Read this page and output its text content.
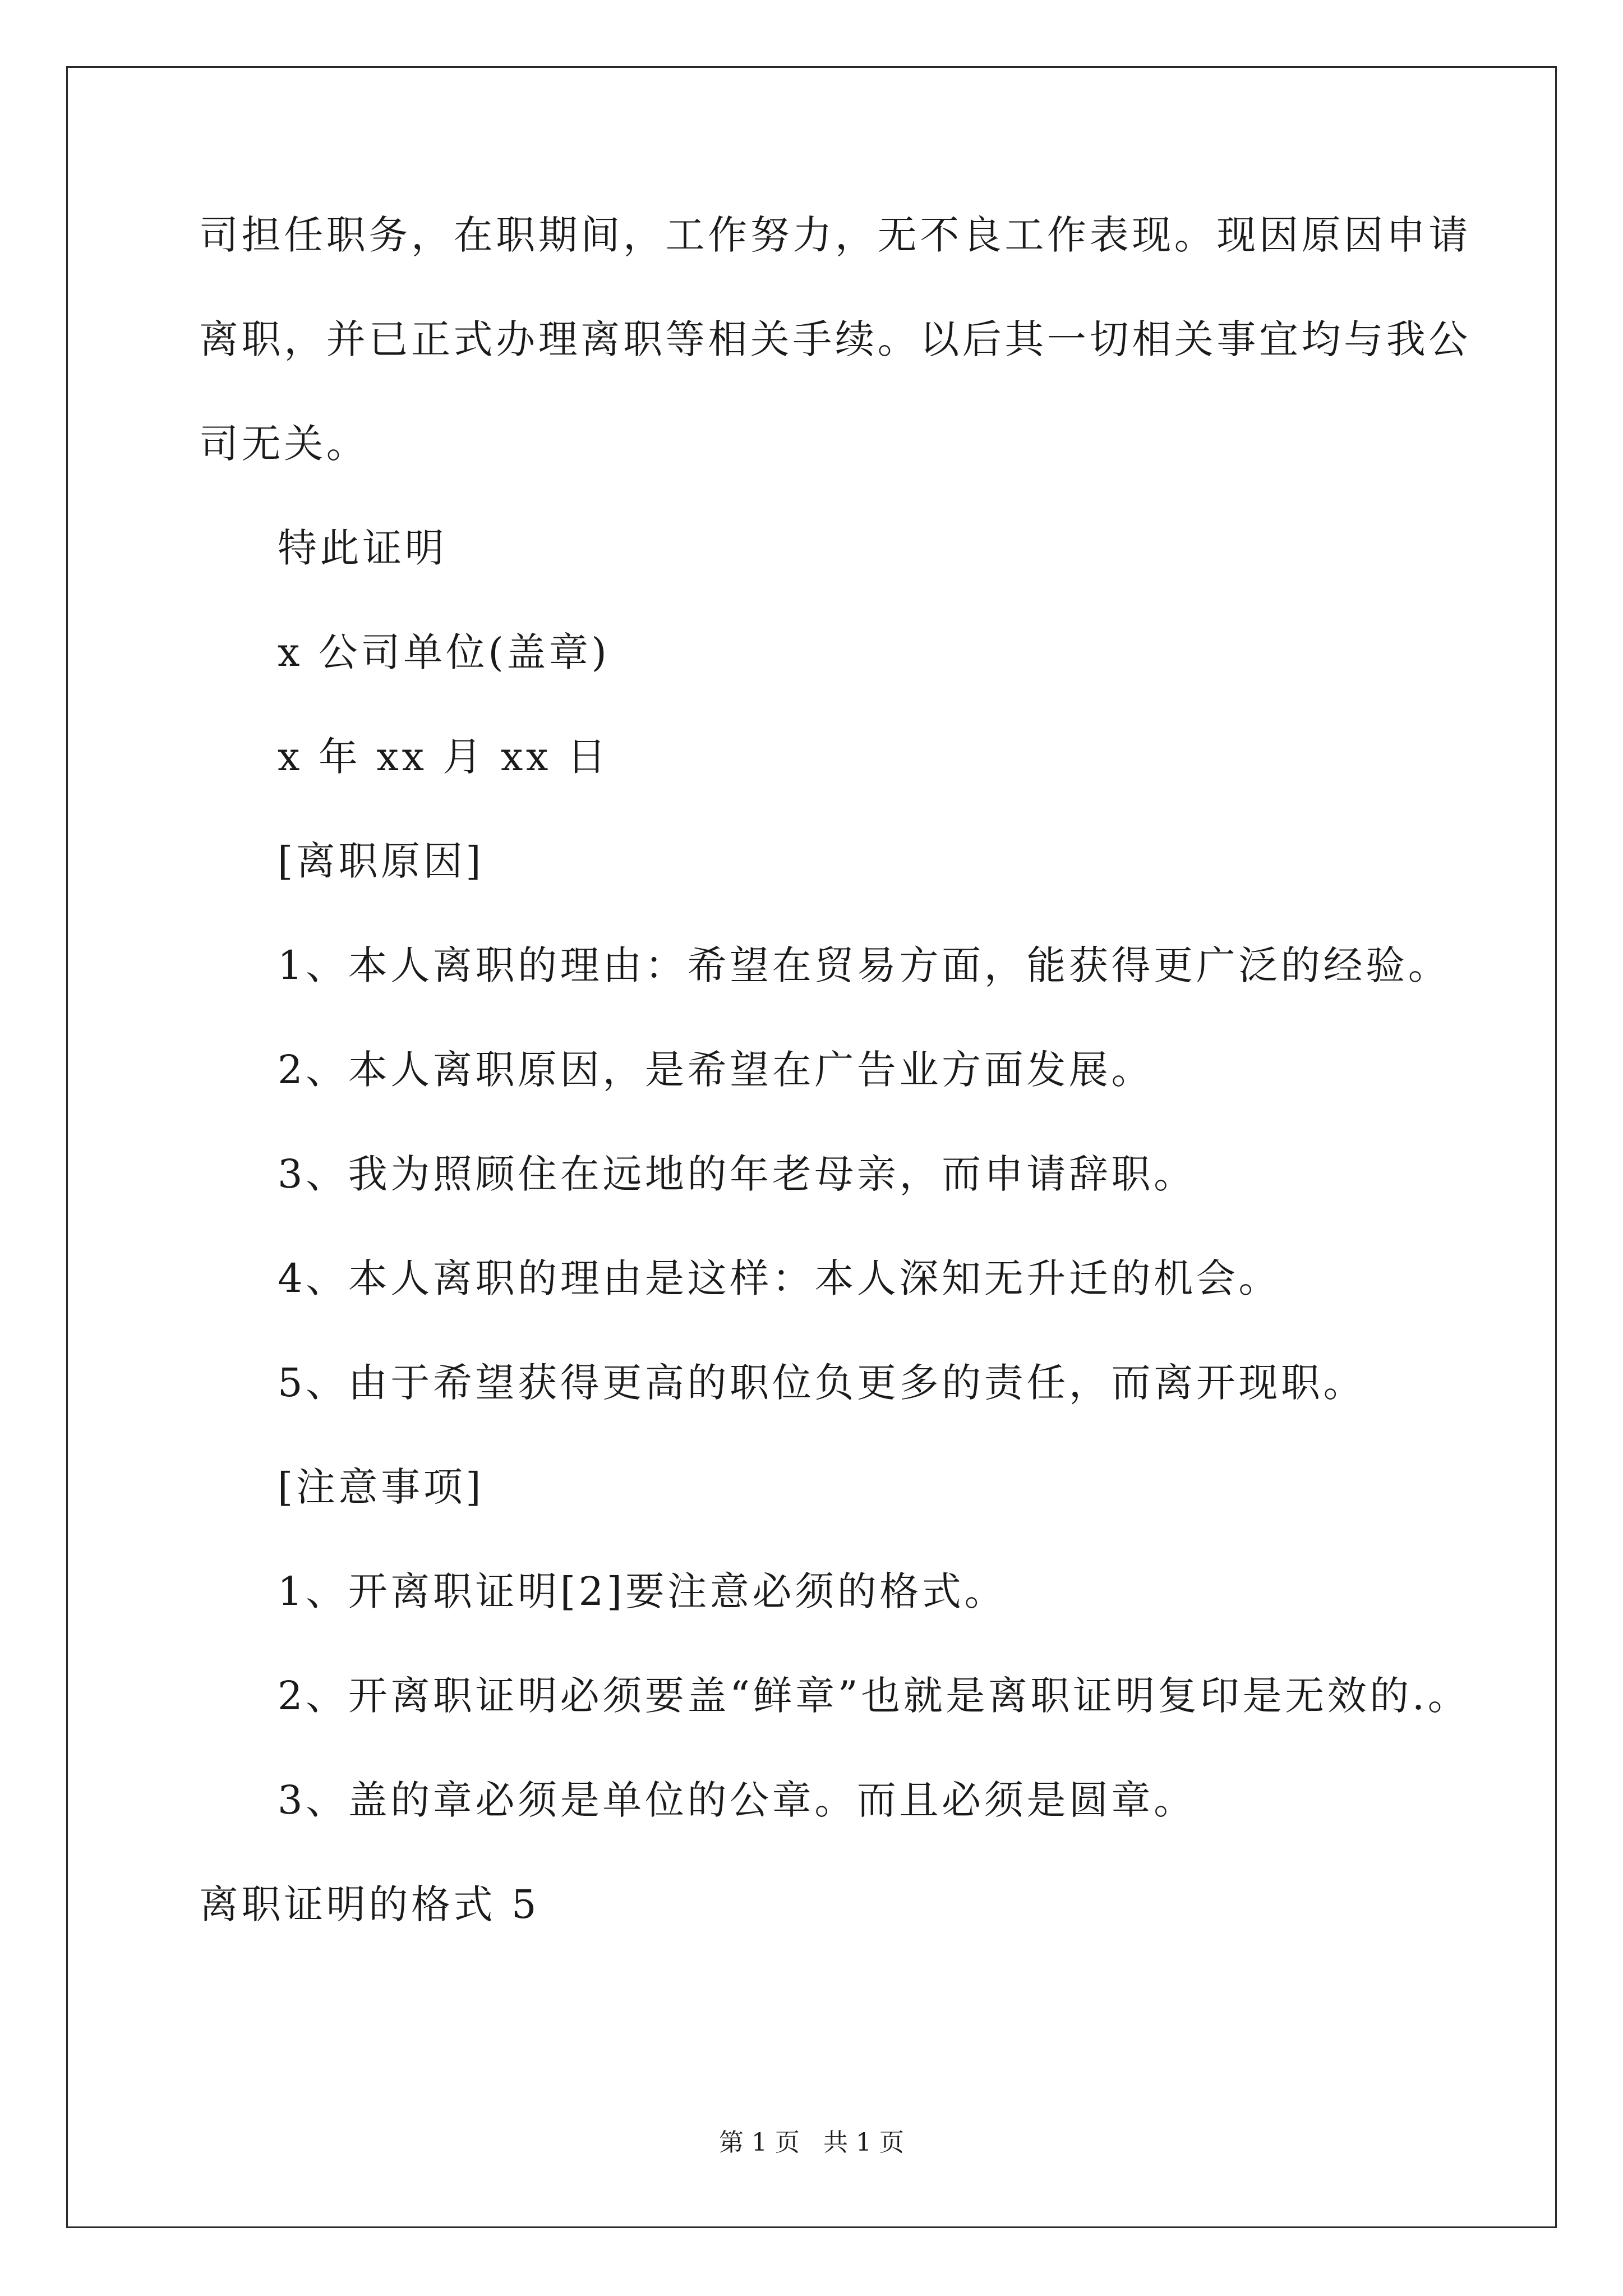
司担任职务，在职期间，工作努力，无不良工作表现。现因原因申请
离职，并已正式办理离职等相关手续。以后其一切相关事宜均与我公
司无关。
特此证明
x 公司单位(盖章)
x 年 xx 月 xx 日
[离职原因]
1、本人离职的理由：希望在贸易方面，能获得更广泛的经验。
2、本人离职原因，是希望在广告业方面发展。
3、我为照顾住在远地的年老母亲，而申请辞职。
4、本人离职的理由是这样：本人深知无升迁的机会。
5、由于希望获得更高的职位负更多的责任，而离开现职。
[注意事项]
1、开离职证明[2]要注意必须的格式。
2、开离职证明必须要盖“鲜章”也就是离职证明复印是无效的.。
3、盖的章必须是单位的公章。而且必须是圆章。
离职证明的格式 5
第 1 页 共 1 页
